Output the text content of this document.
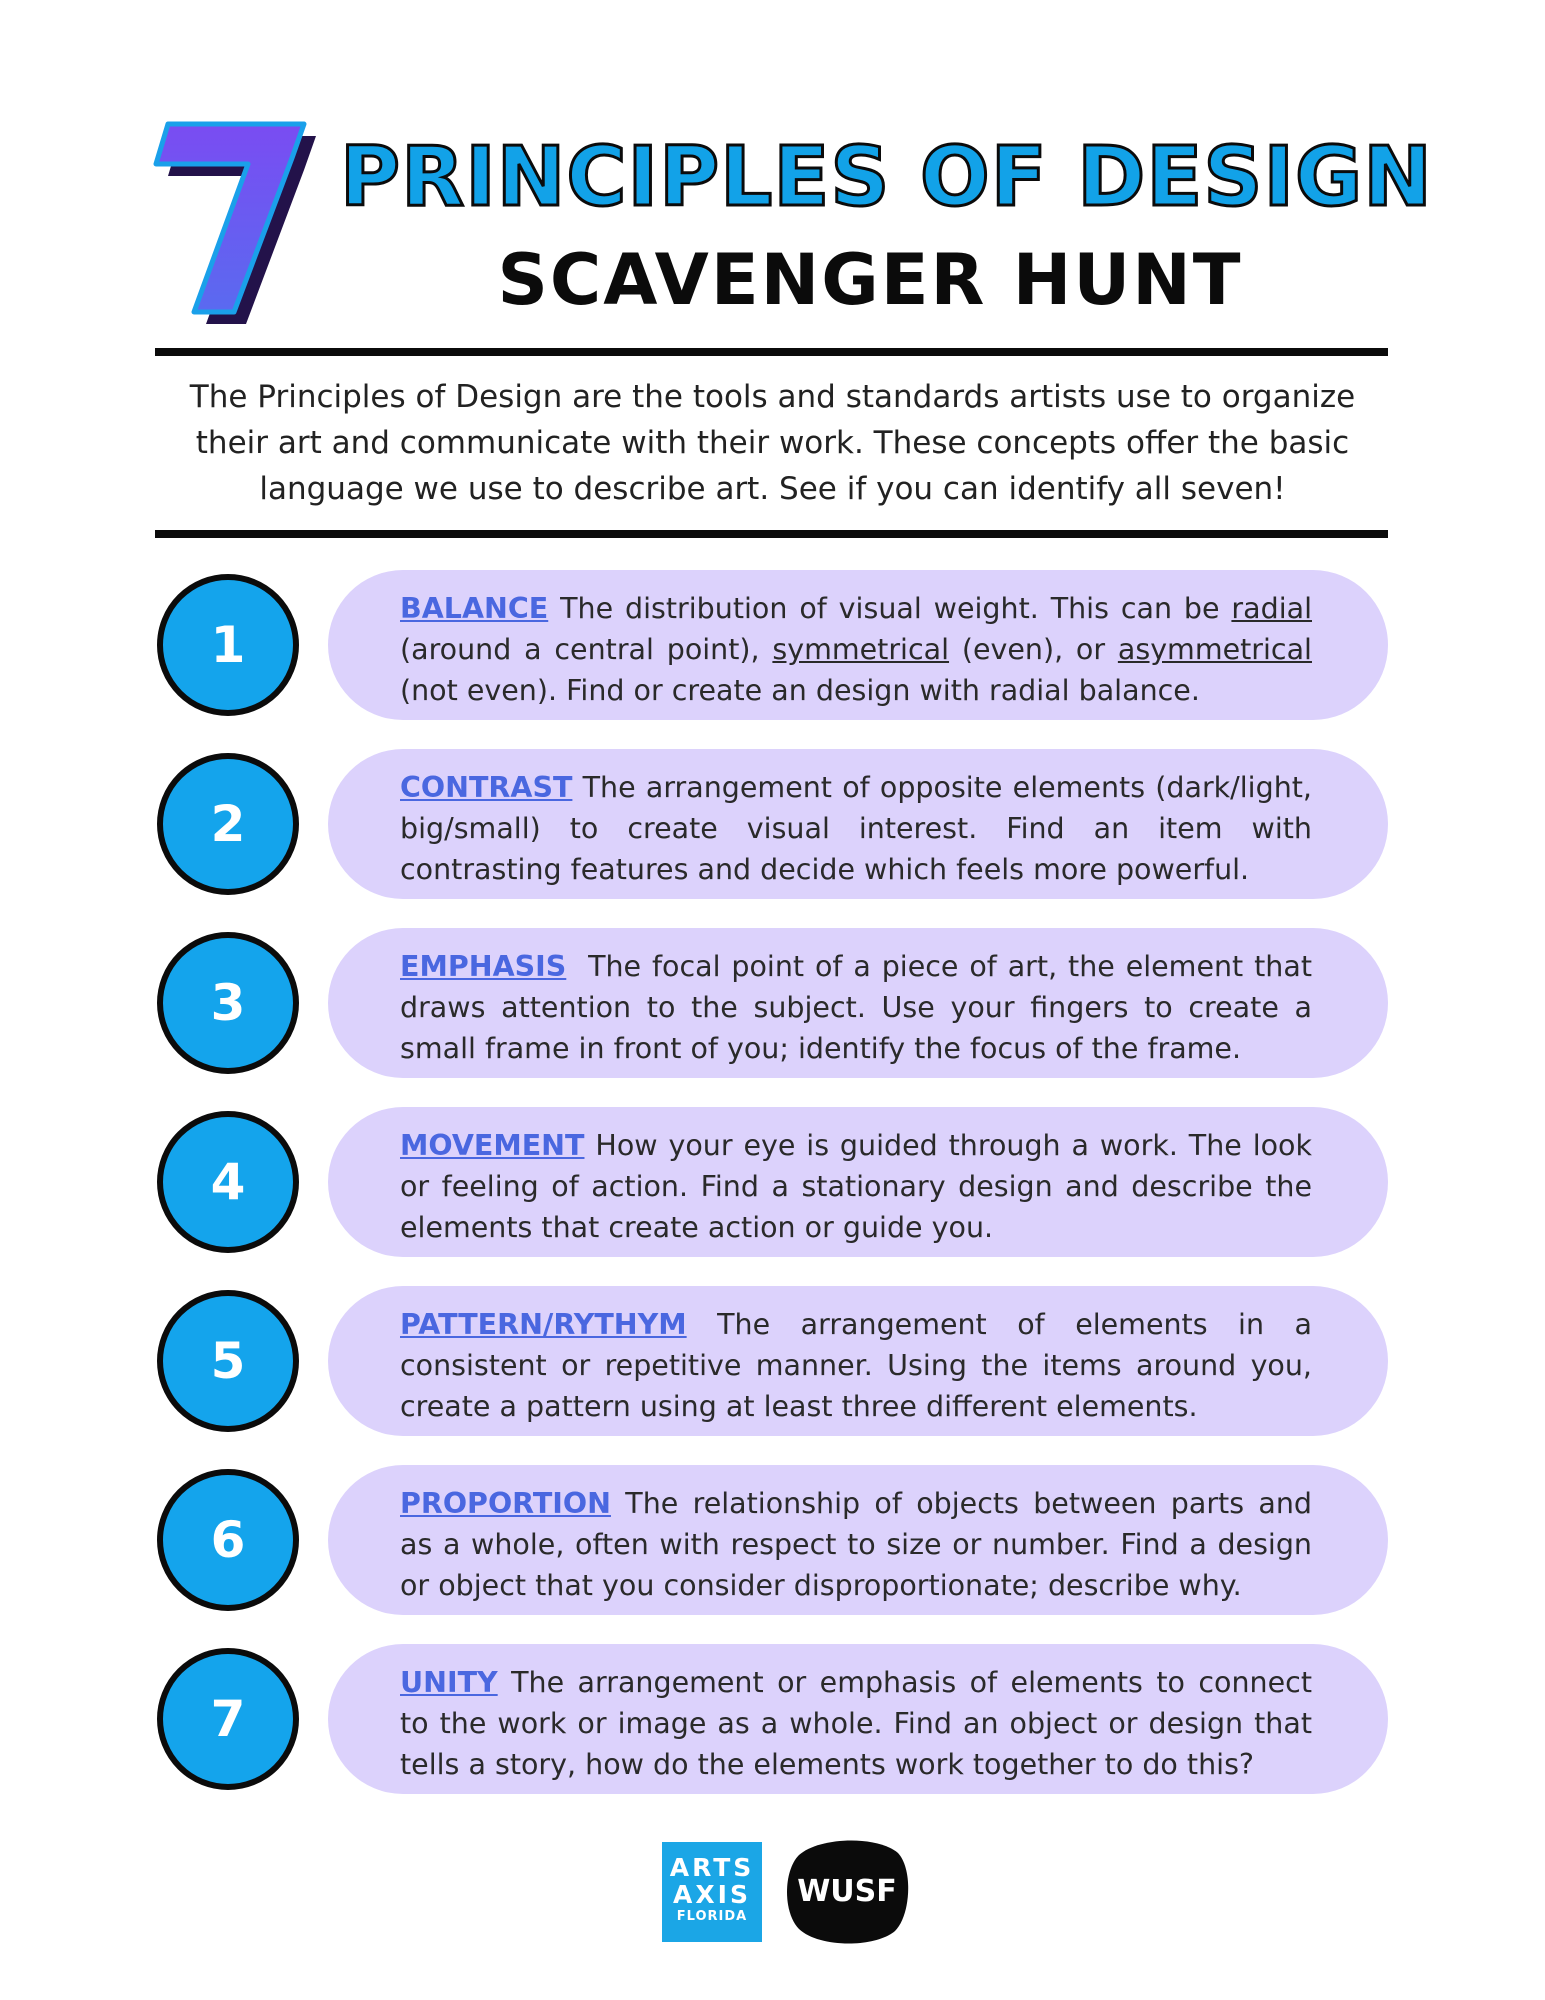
PRINCIPLES OF DESIGN
SCAVENGER HUNT
The Principles of Design are the tools and standards artists use to organize their art and communicate with their work. These concepts offer the basic language we use to describe art. See if you can identify all seven!
1
BALANCE The distribution of visual weight. This can be radial (around a central point), symmetrical (even), or asymmetrical (not even). Find or create an design with radial balance.
2
CONTRAST The arrangement of opposite elements (dark/light, big/small) to create visual interest. Find an item with contrasting features and decide which feels more powerful.
3
EMPHASIS  The focal point of a piece of art, the element that draws attention to the subject. Use your fingers to create a small frame in front of you; identify the focus of the frame.
4
MOVEMENT How your eye is guided through a work. The look or feeling of action. Find a stationary design and describe the elements that create action or guide you.
5
PATTERN/RYTHYM The arrangement of elements in a consistent or repetitive manner. Using the items around you, create a pattern using at least three different elements.
6
PROPORTION The relationship of objects between parts and as a whole, often with respect to size or number. Find a design or object that you consider disproportionate; describe why.
7
UNITY The arrangement or emphasis of elements to connect to the work or image as a whole. Find an object or design that tells a story, how do the elements work together to do this?
ARTS
AXIS
FLORIDA
WUSF
